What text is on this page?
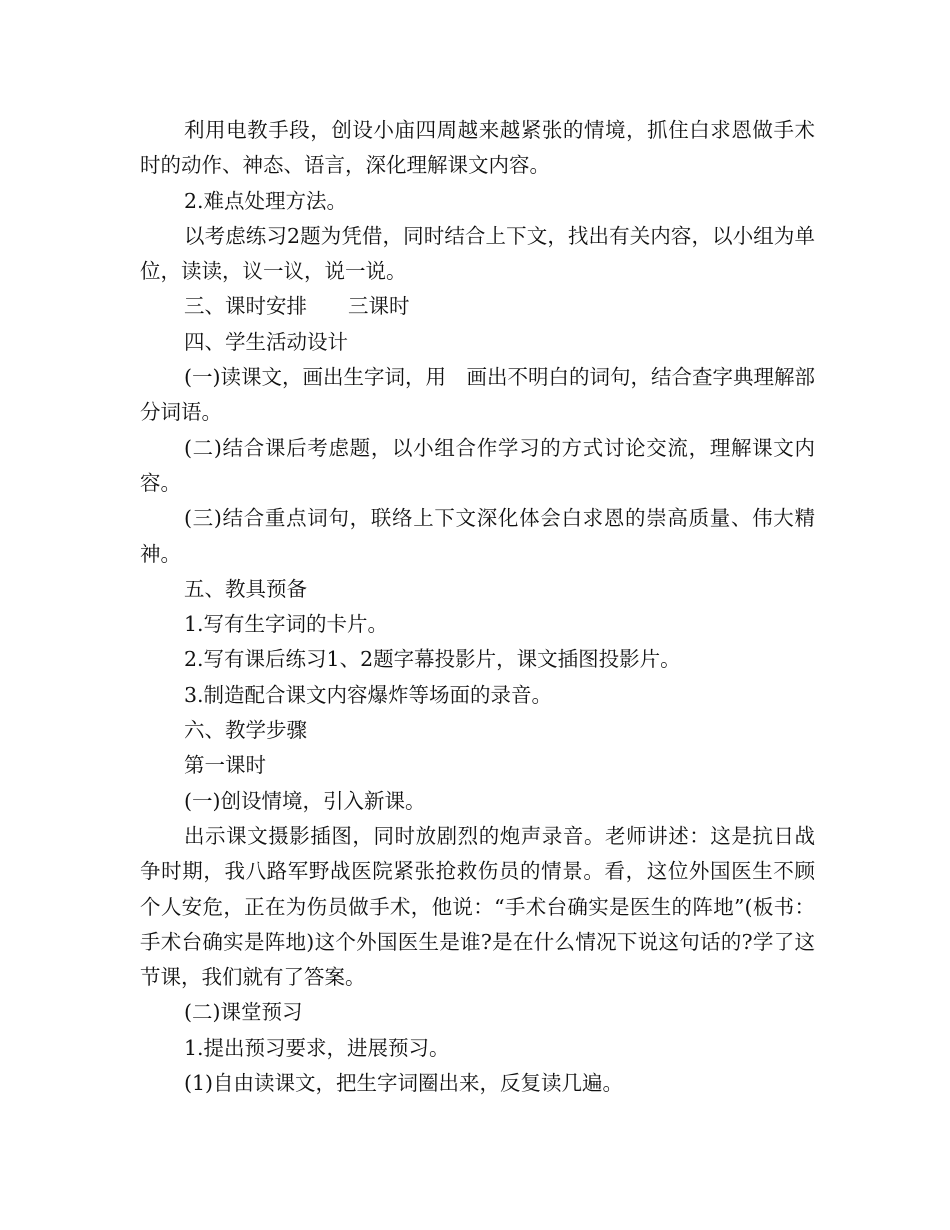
利用电教手段，创设小庙四周越来越紧张的情境，抓住白求恩做手术时的动作、神态、语言，深化理解课文内容。

2.难点处理方法。

以考虑练习2题为凭借，同时结合上下文，找出有关内容，以小组为单位，读读，议一议，说一说。

三、课时安排　　三课时

四、学生活动设计

(一)读课文，画出生字词，用　画出不明白的词句，结合查字典理解部分词语。

(二)结合课后考虑题，以小组合作学习的方式讨论交流，理解课文内容。

(三)结合重点词句，联络上下文深化体会白求恩的崇高质量、伟大精神。

五、教具预备

1.写有生字词的卡片。

2.写有课后练习1、2题字幕投影片，课文插图投影片。

3.制造配合课文内容爆炸等场面的录音。

六、教学步骤

第一课时

(一)创设情境，引入新课。

出示课文摄影插图，同时放剧烈的炮声录音。老师讲述：这是抗日战争时期，我八路军野战医院紧张抢救伤员的情景。看，这位外国医生不顾个人安危，正在为伤员做手术，他说：“手术台确实是医生的阵地”(板书：手术台确实是阵地)这个外国医生是谁?是在什么情况下说这句话的?学了这节课，我们就有了答案。

(二)课堂预习

1.提出预习要求，进展预习。

(1)自由读课文，把生字词圈出来，反复读几遍。
